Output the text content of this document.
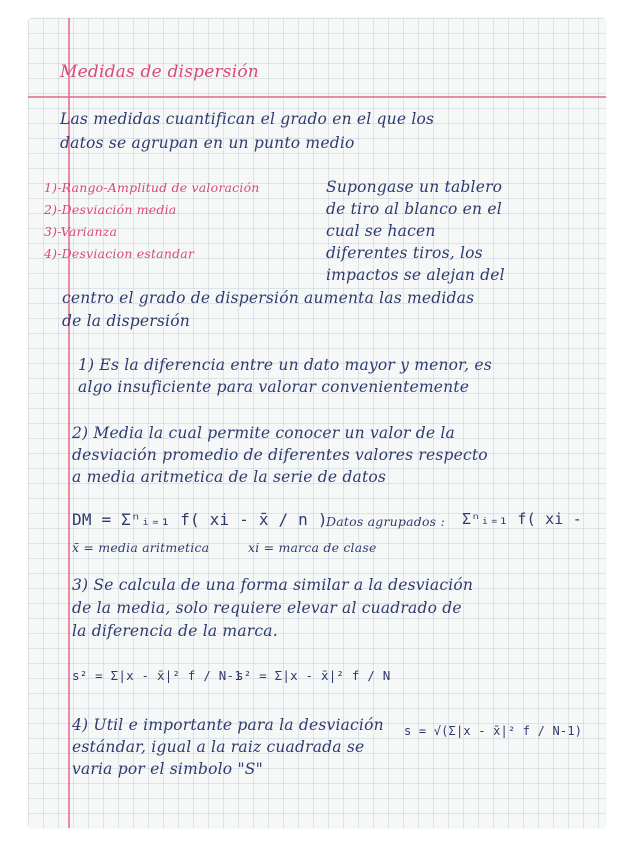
Medidas de dispersión
Las medidas cuantifican el grado en el que los
datos se agrupan en un punto medio
1)-Rango-Amplitud de valoración
2)-Desviación media
3)-Varianza
4)-Desviacion estandar
Supongase un tablero
de tiro al blanco en el
cual se hacen
diferentes tiros, los
impactos se alejan del
centro el grado de dispersión aumenta las medidas
de la dispersión
1) Es la diferencia entre un dato mayor y menor, es
algo insuficiente para valorar convenientemente
2) Media la cual permite conocer un valor de la
desviación promedio de diferentes valores respecto
a media aritmetica de la serie de datos
DM = Σⁿᵢ₌₁ f( xi - x̄ / n )
Datos agrupados : Σⁿᵢ₌₁ f( xi -
x̄ = media aritmetica	xi = marca de clase
3) Se calcula de una forma similar a la desviación
de la media, solo requiere elevar al cuadrado de
la diferencia de la marca.
s² = Σ|x - x̄|² f / N-1
s² = Σ|x - x̄|² f / N
4) Util e importante para la desviación
estándar, igual a la raiz cuadrada se
varia por el simbolo "S"
s = √(Σ|x - x̄|² f / N-1)
